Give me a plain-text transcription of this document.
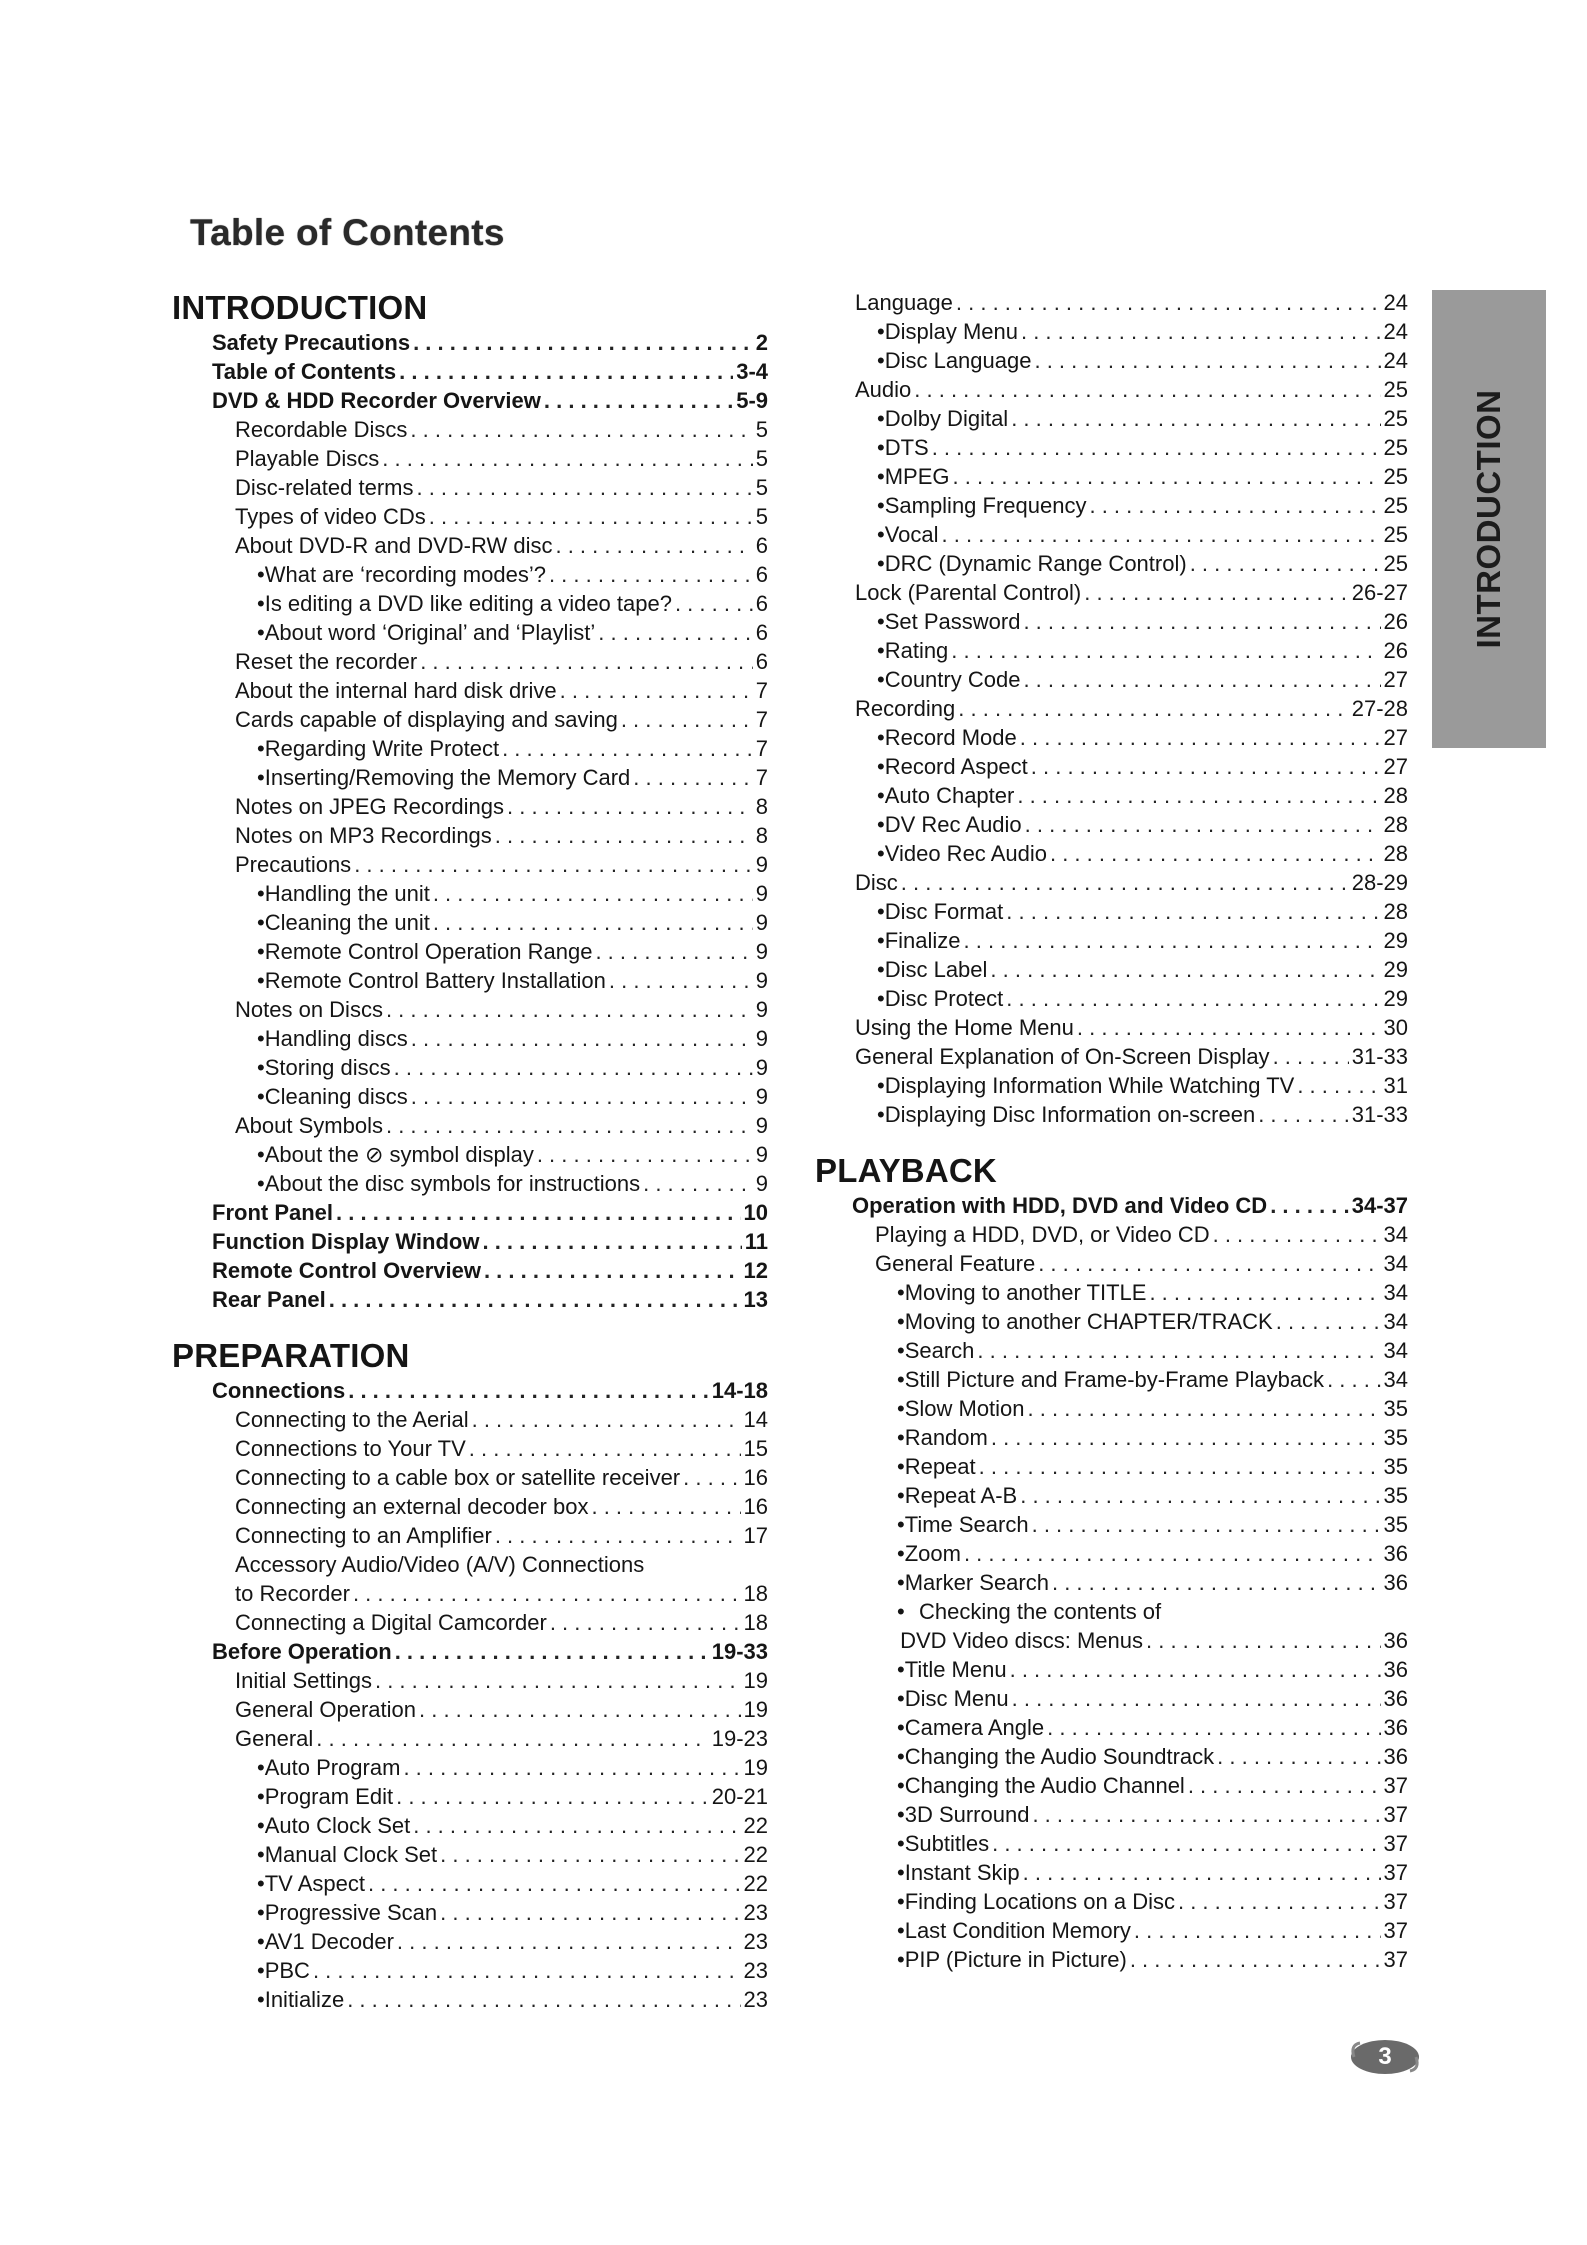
Table of Contents
INTRODUCTION
Safety Precautions . . .	2
Table of Contents . . .	3-4
DVD & HDD Recorder Overview . . .	5-9
Recordable Discs . . .	5
Playable Discs . . .	5
Disc-related terms . . .	5
Types of video CDs . . .	5
About DVD-R and DVD-RW disc . . .	6
• What are ‘recording modes’? . . .	6
• Is editing a DVD like editing a video tape? . . .	6
• About word ‘Original’ and ‘Playlist’ . . .	6
Reset the recorder . . .	6
About the internal hard disk drive . . .	7
Cards capable of displaying and saving . . .	7
• Regarding Write Protect . . .	7
• Inserting/Removing the Memory Card . . .	7
Notes on JPEG Recordings . . .	8
Notes on MP3 Recordings . . .	8
Precautions . . .	9
• Handling the unit . . .	9
• Cleaning the unit . . .	9
• Remote Control Operation Range . . .	9
• Remote Control Battery Installation . . .	9
Notes on Discs . . .	9
• Handling discs . . .	9
• Storing discs . . .	9
• Cleaning discs . . .	9
About Symbols . . .	9
• About the ⊘ symbol display . . .	9
• About the disc symbols for instructions . . .	9
Front Panel . . .	10
Function Display Window . . .	11
Remote Control Overview . . .	12
Rear Panel . . .	13
PREPARATION
Connections . . .	14-18
Connecting to the Aerial . . .	14
Connections to Your TV . . .	15
Connecting to a cable box or satellite receiver . . .	16
Connecting an external decoder box . . .	16
Connecting to an Amplifier . . .	17
Accessory Audio/Video (A/V) Connections
to Recorder . . .	18
Connecting a Digital Camcorder . . .	18
Before Operation . . .	19-33
Initial Settings . . .	19
General Operation . . .	19
General . . .	19-23
• Auto Program . . .	19
• Program Edit . . .	20-21
• Auto Clock Set . . .	22
• Manual Clock Set . . .	22
• TV Aspect . . .	22
• Progressive Scan . . .	23
• AV1 Decoder . . .	23
• PBC . . .	23
• Initialize . . .	23
Language . . .	24
• Display Menu . . .	24
• Disc Language . . .	24
Audio . . .	25
• Dolby Digital . . .	25
• DTS . . .	25
• MPEG . . .	25
• Sampling Frequency . . .	25
• Vocal . . .	25
• DRC (Dynamic Range Control) . . .	25
Lock (Parental Control) . . .	26-27
• Set Password . . .	26
• Rating . . .	26
• Country Code . . .	27
Recording . . .	27-28
• Record Mode . . .	27
• Record Aspect . . .	27
• Auto Chapter . . .	28
• DV Rec Audio . . .	28
• Video Rec Audio . . .	28
Disc . . .	28-29
• Disc Format . . .	28
• Finalize . . .	29
• Disc Label . . .	29
• Disc Protect . . .	29
Using the Home Menu . . .	30
General Explanation of On-Screen Display . . .	31-33
• Displaying Information While Watching TV . . .	31
• Displaying Disc Information on-screen . . .	31-33
PLAYBACK
Operation with HDD, DVD and Video CD . . .	34-37
Playing a HDD, DVD, or Video CD . . .	34
General Feature . . .	34
• Moving to another TITLE . . .	34
• Moving to another CHAPTER/TRACK . . .	34
• Search . . .	34
• Still Picture and Frame-by-Frame Playback . . .	34
• Slow Motion . . .	35
• Random . . .	35
• Repeat . . .	35
• Repeat A-B . . .	35
• Time Search . . .	35
• Zoom . . .	36
• Marker Search . . .	36
• Checking the contents of
DVD Video discs: Menus . . .	36
• Title Menu . . .	36
• Disc Menu . . .	36
• Camera Angle . . .	36
• Changing the Audio Soundtrack . . .	36
• Changing the Audio Channel . . .	37
• 3D Surround . . .	37
• Subtitles . . .	37
• Instant Skip . . .	37
• Finding Locations on a Disc . . .	37
• Last Condition Memory . . .	37
• PIP (Picture in Picture) . . .	37
INTRODUCTION
3
